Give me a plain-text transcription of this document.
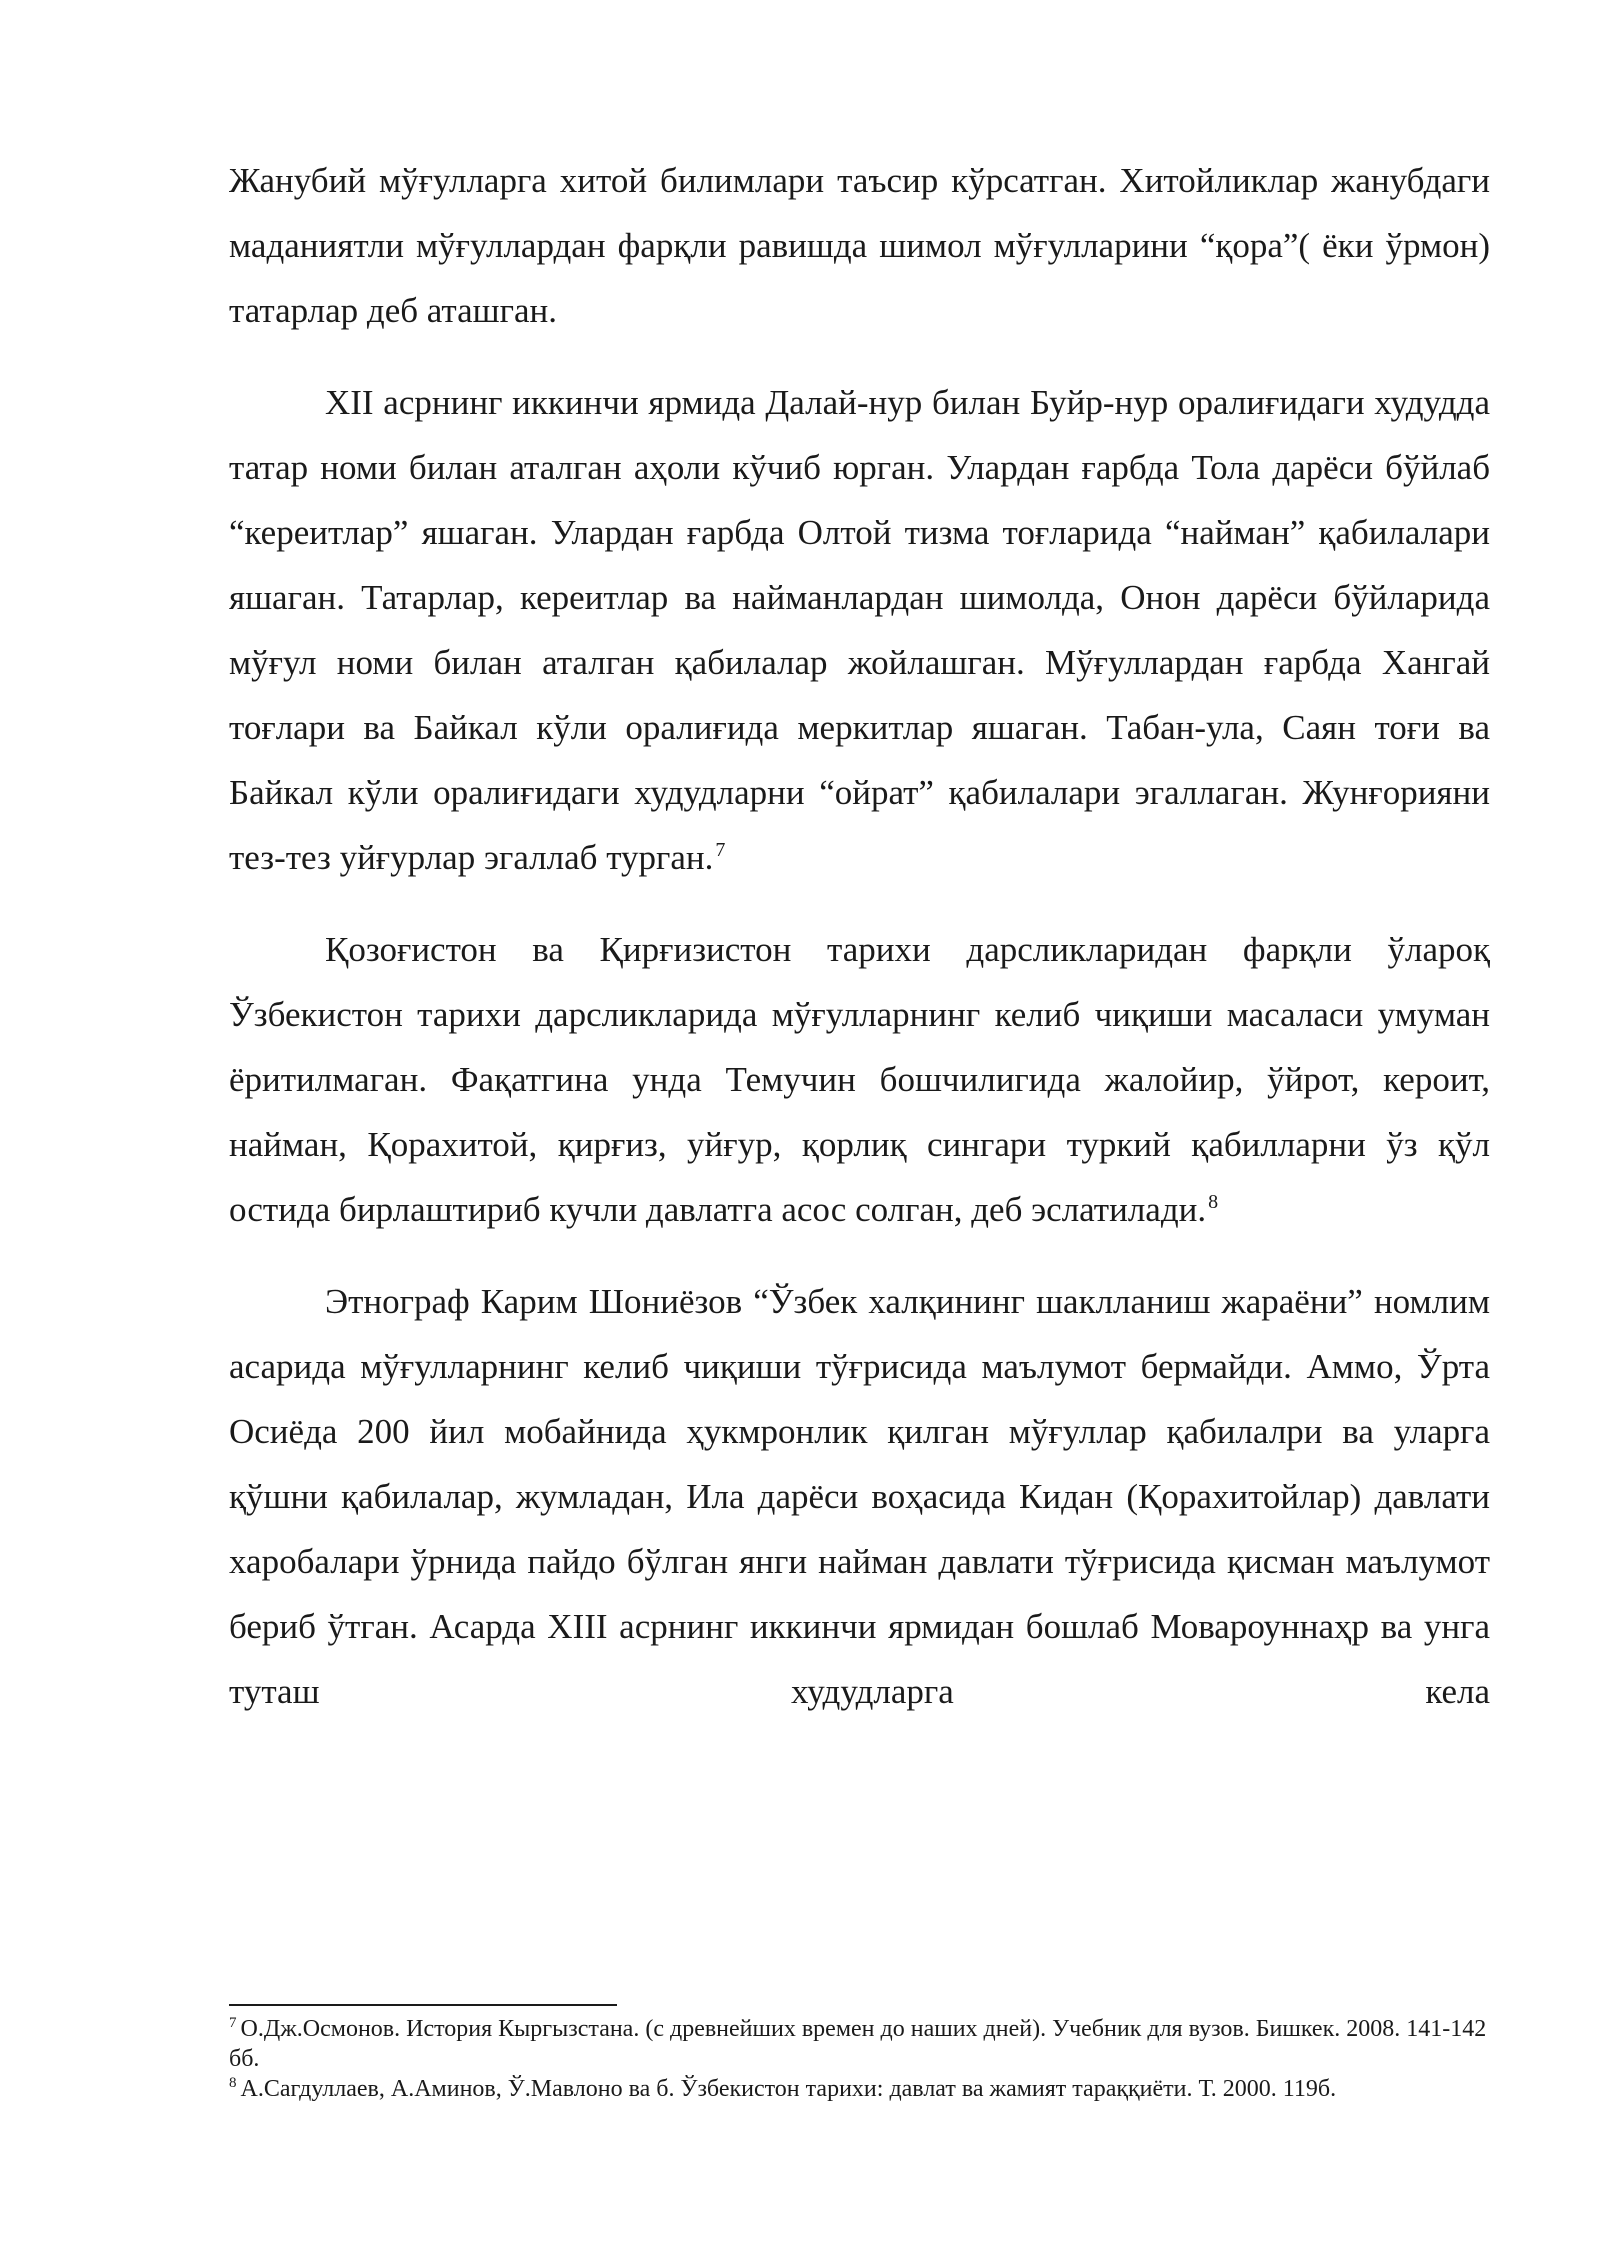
Жанубий мўғулларга хитой билимлари таъсир кўрсатган. Хитойликлар жанубдаги маданиятли мўғуллардан фарқли равишда шимол мўғулларини “қора”( ёки ўрмон) татарлар деб аташган.

XII асрнинг иккинчи ярмида Далай-нур билан Буйр-нур оралиғидаги худудда татар номи билан аталган аҳоли кўчиб юрган. Улардан ғарбда Тола дарёси бўйлаб “кереитлар” яшаган. Улардан ғарбда Олтой тизма тоғларида “найман” қабилалари яшаган. Татарлар, кереитлар ва найманлардан шимолда, Онон дарёси бўйларида мўғул номи билан аталган қабилалар жойлашган. Мўғуллардан ғарбда Хангай тоғлари ва Байкал кўли оралиғида меркитлар яшаган. Табан-ула, Саян тоғи ва Байкал кўли оралиғидаги худудларни “ойрат” қабилалари эгаллаган. Жунғорияни тез-тез уйғурлар эгаллаб турган. $^7$

Қозоғистон ва Қирғизистон тарихи дарсликларидан фарқли ўлароқ Ўзбекистон тарихи дарсликларида мўғулларнинг келиб чиқиши масаласи умуман ёритилмаган. Фақатгина унда Темучин бошчилигида жалойир, ўйрот, кероит, найман, Қорахитой, қирғиз, уйғур, қорлиқ сингари туркий қабилларни ўз қўл остида бирлаштириб кучли давлатга асос солган, деб эслатилади. $^8$

Этнограф Карим Шониёзов “Ўзбек халқининг шаклланиш жараёни” номлим асарида мўғулларнинг келиб чиқиши тўғрисида маълумот бермайди. Аммо, Ўрта Осиёда 200 йил мобайнида ҳукмронлик қилган мўғуллар қабилалри ва уларга қўшни қабилалар, жумладан, Ила дарёси воҳасида Кидан (Қорахитойлар) давлати харобалари ўрнида пайдо бўлган янги найман давлати тўғрисида қисман маълумот бериб ўтган. Асарда XIII асрнинг иккинчи ярмидан бошлаб Мовароуннаҳр ва унга туташ худудларга кела

$^7$ О.Дж.Осмонов. История Кыргызстана. (с древнейших времен до наших дней). Учебник для вузов. Бишкек. 2008. 141-142 бб.

$^8$ А.Сагдуллаев, А.Аминов, Ў.Мавлоно ва б. Ўзбекистон тарихи: давлат ва жамият тараққиёти. Т. 2000. 119б.
